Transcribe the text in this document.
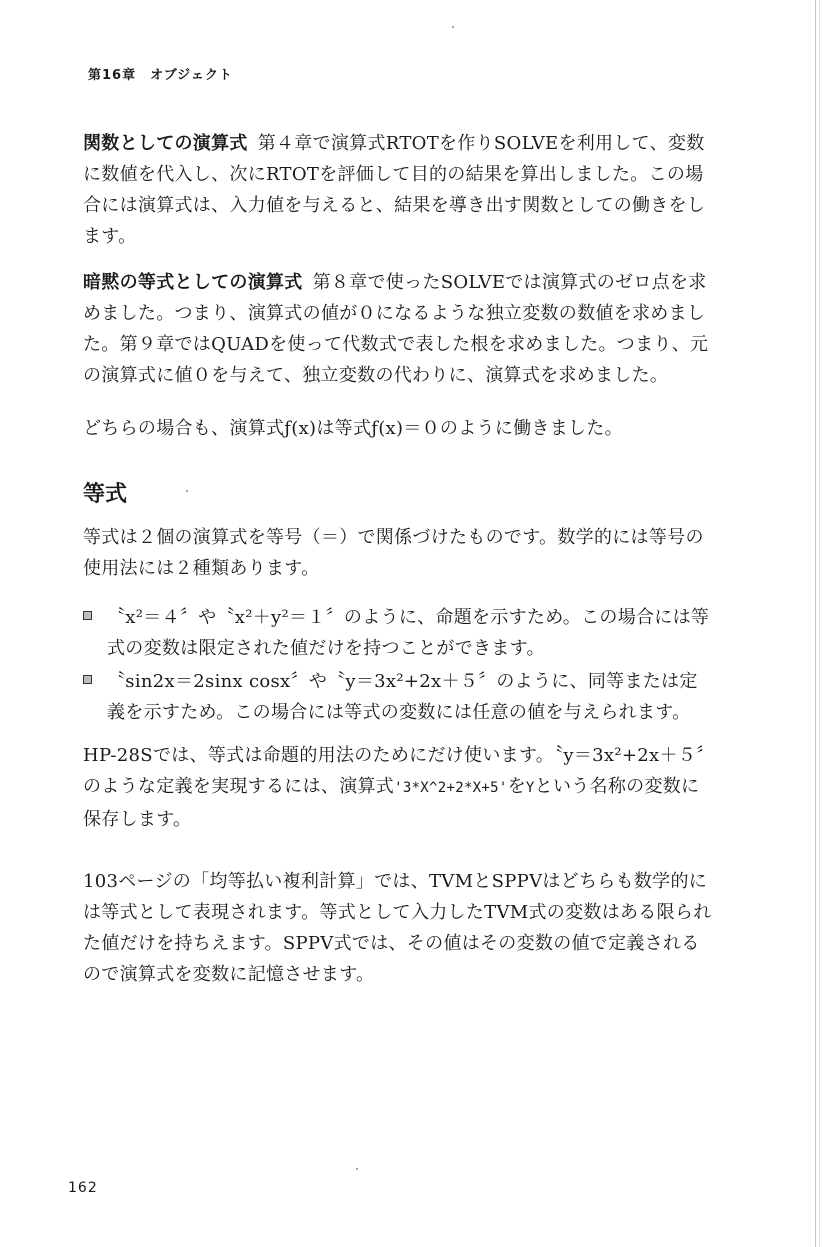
第16章　オブジェクト
関数としての演算式 第４章で演算式RTOTを作りSOLVEを利用して、変数に数値を代入し、次にRTOTを評価して目的の結果を算出しました。この場合には演算式は、入力値を与えると、結果を導き出す関数としての働きをします。
暗黙の等式としての演算式 第８章で使ったSOLVEでは演算式のゼロ点を求めました。つまり、演算式の値が０になるような独立変数の数値を求めました。第９章ではQUADを使って代数式で表した根を求めました。つまり、元の演算式に値０を与えて、独立変数の代わりに、演算式を求めました。
どちらの場合も、演算式ƒ(x)は等式ƒ(x)＝０のように働きました。
等式
等式は２個の演算式を等号（＝）で関係づけたものです。数学的には等号の使用法には２種類あります。
〝x²＝４〞や〝x²＋y²＝１〞のように、命題を示すため。この場合には等式の変数は限定された値だけを持つことができます。
〝sin2x＝2sinx cosx〞や〝y＝3x²+2x＋５〞のように、同等または定義を示すため。この場合には等式の変数には任意の値を与えられます。
HP-28Sでは、等式は命題的用法のためにだけ使います。〝y＝3x²+2x＋５〞のような定義を実現するには、演算式'3*X^2+2*X+5'をYという名称の変数に保存します。
103ページの「均等払い複利計算」では、TVMとSPPVはどちらも数学的には等式として表現されます。等式として入力したTVM式の変数はある限られた値だけを持ちえます。SPPV式では、その値はその変数の値で定義されるので演算式を変数に記憶させます。
162
